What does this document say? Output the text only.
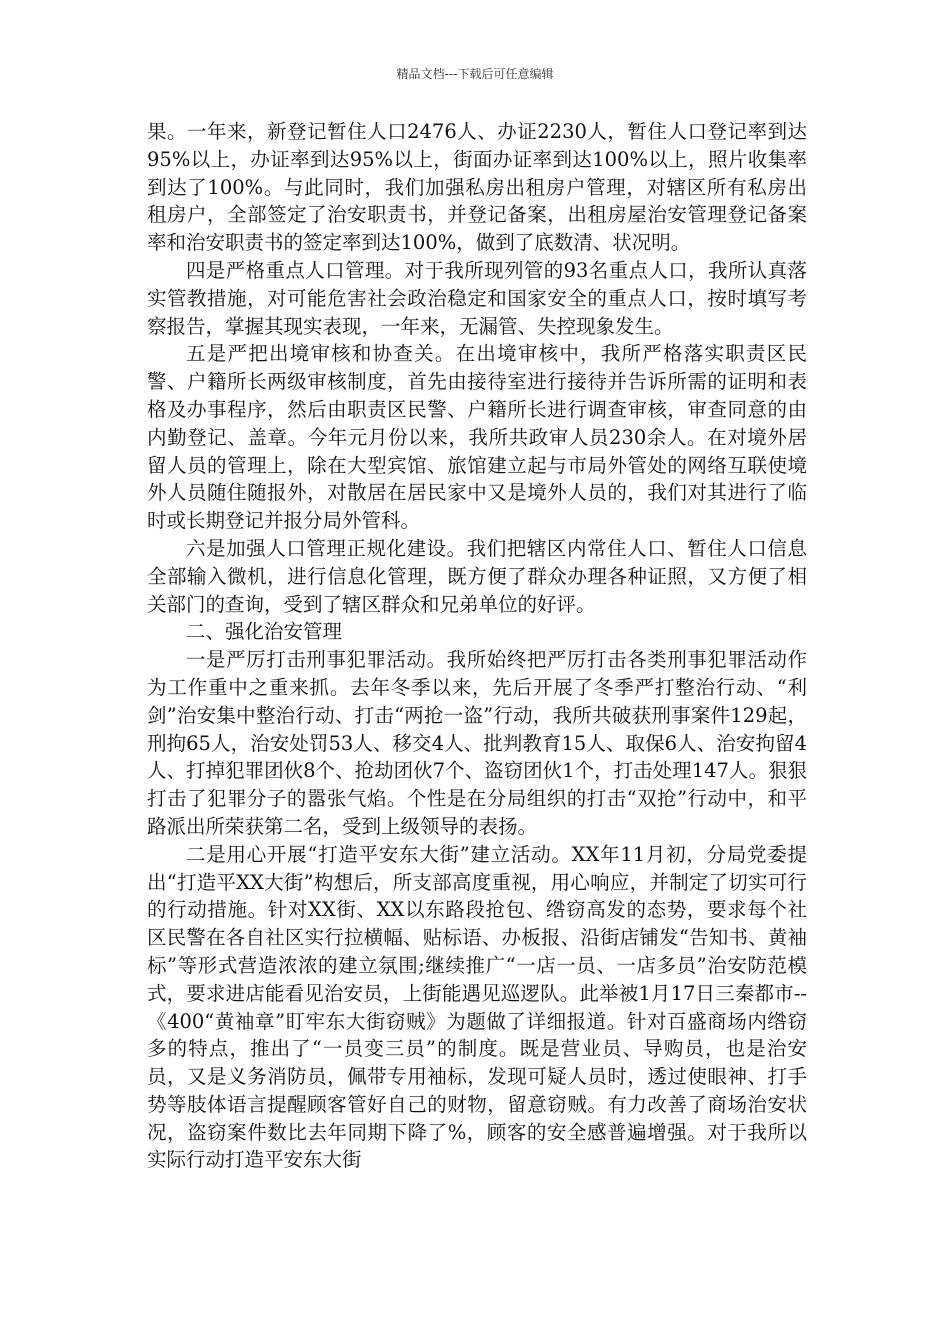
精品文档---下载后可任意编辑

果。一年来，新登记暂住人口2476人、办证2230人，暂住人口登记率到达95%以上，办证率到达95%以上，街面办证率到达100%以上，照片收集率到达了100%。与此同时，我们加强私房出租房户管理，对辖区所有私房出租房户，全部签定了治安职责书，并登记备案，出租房屋治安管理登记备案率和治安职责书的签定率到达100%，做到了底数清、状况明。

四是严格重点人口管理。对于我所现列管的93名重点人口，我所认真落实管教措施，对可能危害社会政治稳定和国家安全的重点人口，按时填写考察报告，掌握其现实表现，一年来，无漏管、失控现象发生。

五是严把出境审核和协查关。在出境审核中，我所严格落实职责区民警、户籍所长两级审核制度，首先由接待室进行接待并告诉所需的证明和表格及办事程序，然后由职责区民警、户籍所长进行调查审核，审查同意的由内勤登记、盖章。今年元月份以来，我所共政审人员230余人。在对境外居留人员的管理上，除在大型宾馆、旅馆建立起与市局外管处的网络互联使境外人员随住随报外，对散居在居民家中又是境外人员的，我们对其进行了临时或长期登记并报分局外管科。

六是加强人口管理正规化建设。我们把辖区内常住人口、暂住人口信息全部输入微机，进行信息化管理，既方便了群众办理各种证照，又方便了相关部门的查询，受到了辖区群众和兄弟单位的好评。

二、强化治安管理

一是严厉打击刑事犯罪活动。我所始终把严厉打击各类刑事犯罪活动作为工作重中之重来抓。去年冬季以来，先后开展了冬季严打整治行动、“利剑”治安集中整治行动、打击“两抢一盗”行动，我所共破获刑事案件129起，刑拘65人，治安处罚53人、移交4人、批判教育15人、取保6人、治安拘留4人、打掉犯罪团伙8个、抢劫团伙7个、盗窃团伙1个，打击处理147人。狠狠打击了犯罪分子的嚣张气焰。个性是在分局组织的打击“双抢”行动中，和平路派出所荣获第二名，受到上级领导的表扬。

二是用心开展“打造平安东大街”建立活动。XX年11月初，分局党委提出“打造平XX大街”构想后，所支部高度重视，用心响应，并制定了切实可行的行动措施。针对XX街、XX以东路段抢包、绺窃高发的态势，要求每个社区民警在各自社区实行拉横幅、贴标语、办板报、沿街店铺发“告知书、黄袖标”等形式营造浓浓的建立氛围;继续推广“一店一员、一店多员”治安防范模式，要求进店能看见治安员，上街能遇见巡逻队。此举被1月17日三秦都市--《400“黄袖章”盯牢东大街窃贼》为题做了详细报道。针对百盛商场内绺窃多的特点，推出了“一员变三员”的制度。既是营业员、导购员，也是治安员，又是义务消防员，佩带专用袖标，发现可疑人员时，透过使眼神、打手势等肢体语言提醒顾客管好自己的财物，留意窃贼。有力改善了商场治安状况，盗窃案件数比去年同期下降了%，顾客的安全感普遍增强。对于我所以实际行动打造平安东大街
